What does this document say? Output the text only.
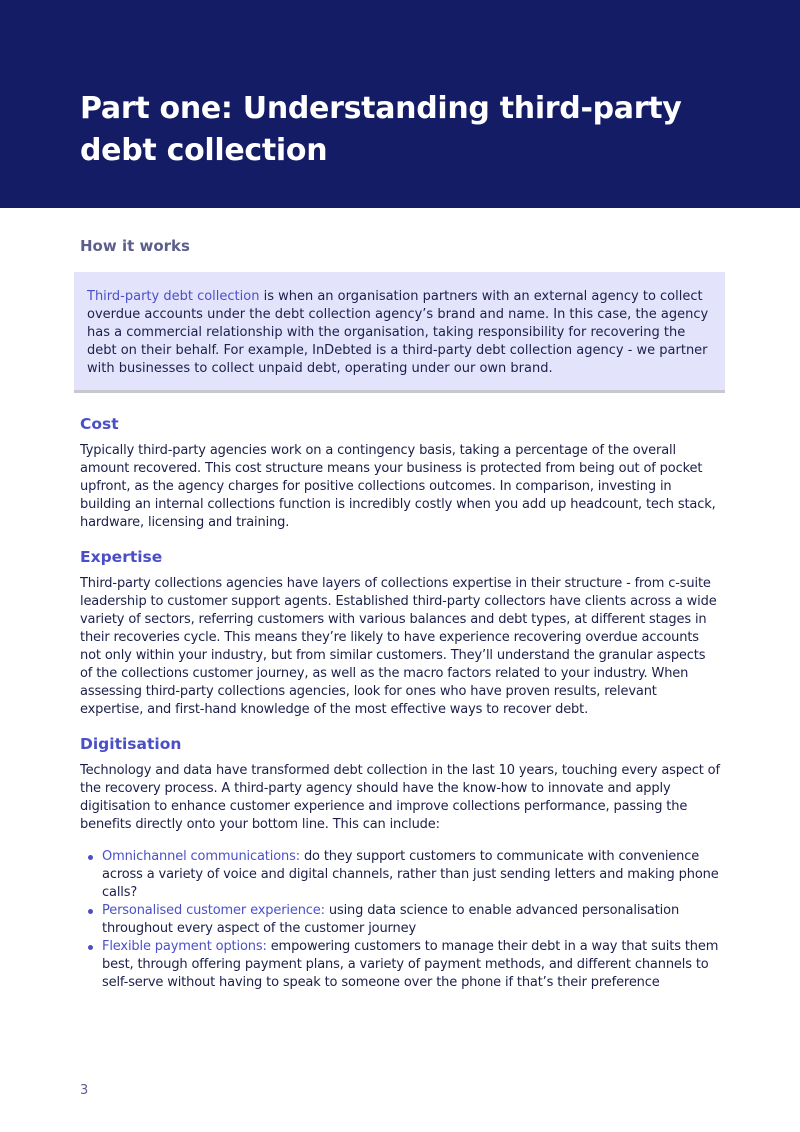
Part one: Understanding third-party debt collection
How it works
Third-party debt collection is when an organisation partners with an external agency to collect overdue accounts under the debt collection agency’s brand and name. In this case, the agency has a commercial relationship with the organisation, taking responsibility for recovering the debt on their behalf. For example, InDebted is a third-party debt collection agency - we partner with businesses to collect unpaid debt, operating under our own brand.
Cost

Typically third-party agencies work on a contingency basis, taking a percentage of the overall amount recovered. This cost structure means your business is protected from being out of pocket upfront, as the agency charges for positive collections outcomes. In comparison, investing in building an internal collections function is incredibly costly when you add up headcount, tech stack, hardware, licensing and training.

Expertise

Third-party collections agencies have layers of collections expertise in their structure - from c-suite leadership to customer support agents. Established third-party collectors have clients across a wide variety of sectors, referring customers with various balances and debt types, at different stages in their recoveries cycle. This means they’re likely to have experience recovering overdue accounts not only within your industry, but from similar customers. They’ll understand the granular aspects of the collections customer journey, as well as the macro factors related to your industry. When assessing third-party collections agencies, look for ones who have proven results, relevant expertise, and first-hand knowledge of the most effective ways to recover debt.

Digitisation

Technology and data have transformed debt collection in the last 10 years, touching every aspect of the recovery process. A third-party agency should have the know-how to innovate and apply digitisation to enhance customer experience and improve collections performance, passing the benefits directly onto your bottom line. This can include:

Omnichannel communications: do they support customers to communicate with convenience across a variety of voice and digital channels, rather than just sending letters and making phone calls?
Personalised customer experience: using data science to enable advanced personalisation throughout every aspect of the customer journey
Flexible payment options: empowering customers to manage their debt in a way that suits them best, through offering payment plans, a variety of payment methods, and different channels to self-serve without having to speak to someone over the phone if that’s their preference
3
